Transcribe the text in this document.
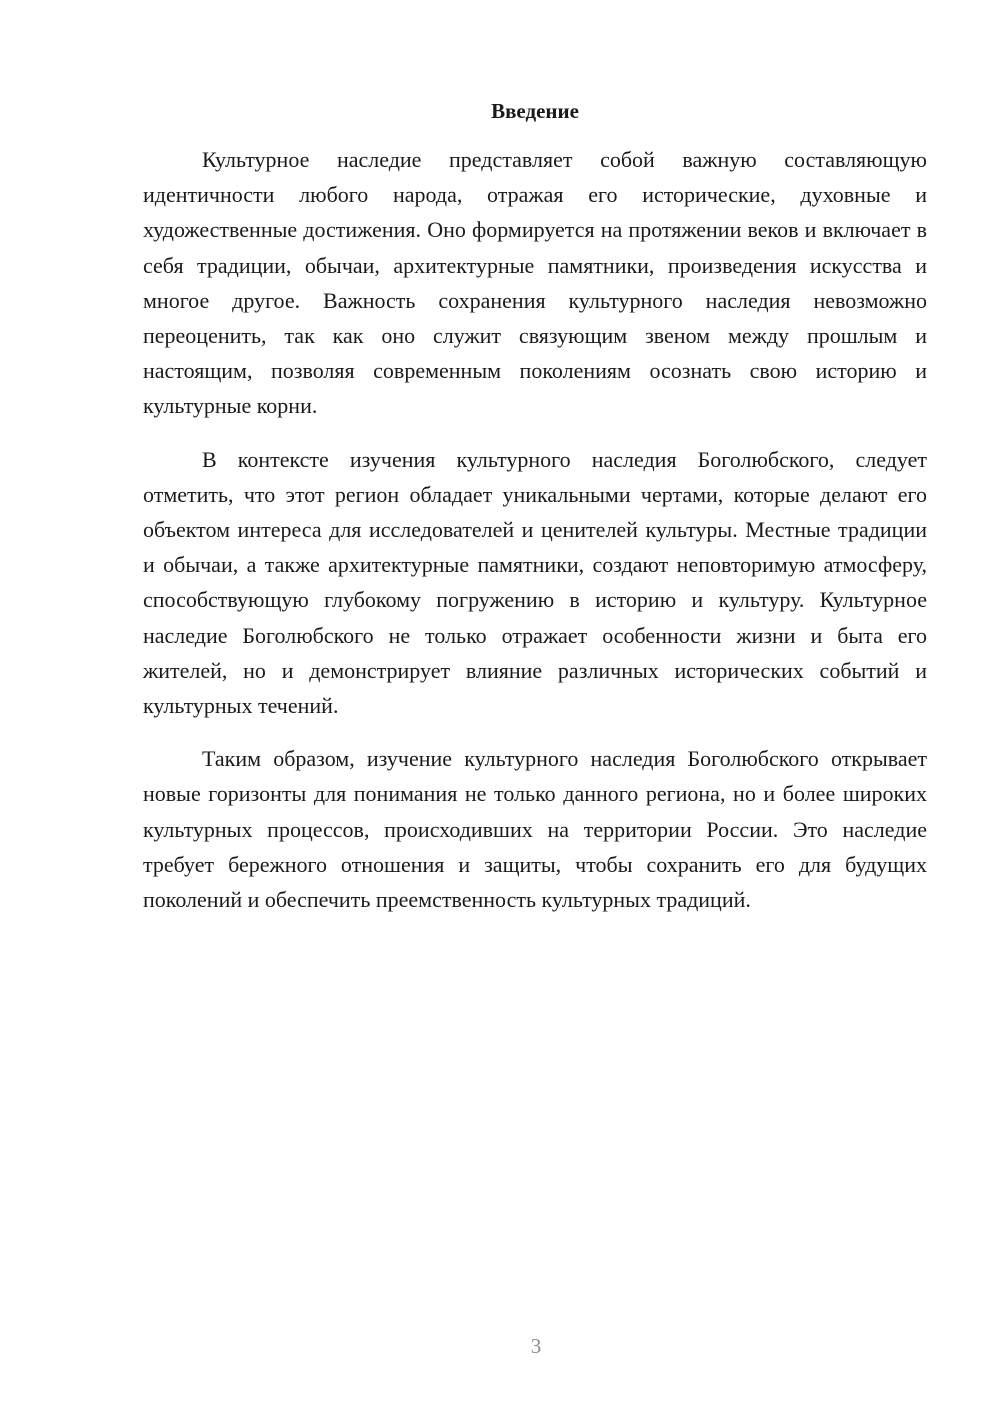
Введение

Культурное наследие представляет собой важную составляющую идентичности любого народа, отражая его исторические, духовные и художественные достижения. Оно формируется на протяжении веков и включает в себя традиции, обычаи, архитектурные памятники, произведения искусства и многое другое. Важность сохранения культурного наследия невозможно переоценить, так как оно служит связующим звеном между прошлым и настоящим, позволяя современным поколениям осознать свою историю и культурные корни.

В контексте изучения культурного наследия Боголюбского, следует отметить, что этот регион обладает уникальными чертами, которые делают его объектом интереса для исследователей и ценителей культуры. Местные традиции и обычаи, а также архитектурные памятники, создают неповторимую атмосферу, способствующую глубокому погружению в историю и культуру. Культурное наследие Боголюбского не только отражает особенности жизни и быта его жителей, но и демонстрирует влияние различных исторических событий и культурных течений.

Таким образом, изучение культурного наследия Боголюбского открывает новые горизонты для понимания не только данного региона, но и более широких культурных процессов, происходивших на территории России. Это наследие требует бережного отношения и защиты, чтобы сохранить его для будущих поколений и обеспечить преемственность культурных традиций.

3
